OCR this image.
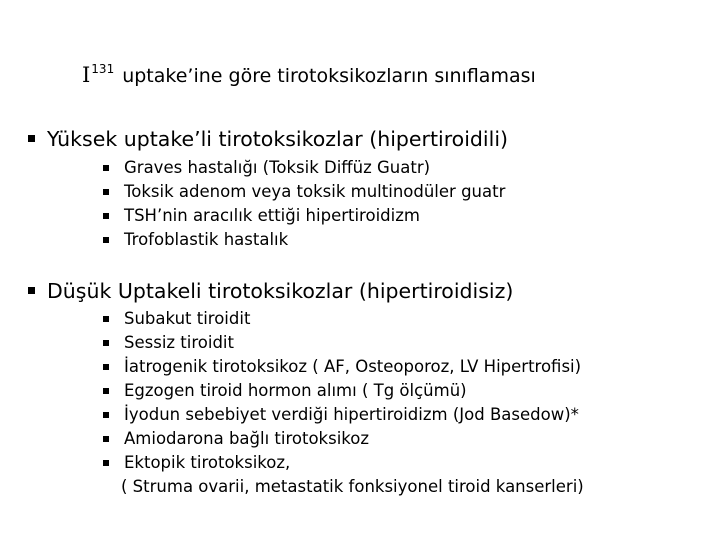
$I^{131}$ uptake’ine göre tirotoksikozların sınıflaması
Yüksek uptake’li tirotoksikozlar (hipertiroidili)
Graves hastalığı (Toksik Diffüz Guatr)
Toksik adenom veya toksik multinodüler guatr
TSH’nin aracılık ettiği hipertiroidizm
Trofoblastik hastalık
Düşük Uptakeli tirotoksikozlar (hipertiroidisiz)
Subakut tiroidit
Sessiz tiroidit
İatrogenik tirotoksikoz ( AF, Osteoporoz, LV Hipertrofisi)
Egzogen tiroid hormon alımı ( Tg ölçümü)
İyodun sebebiyet verdiği hipertiroidizm (Jod Basedow)*
Amiodarona bağlı tirotoksikoz
Ektopik tirotoksikoz,
( Struma ovarii, metastatik fonksiyonel tiroid kanserleri)
